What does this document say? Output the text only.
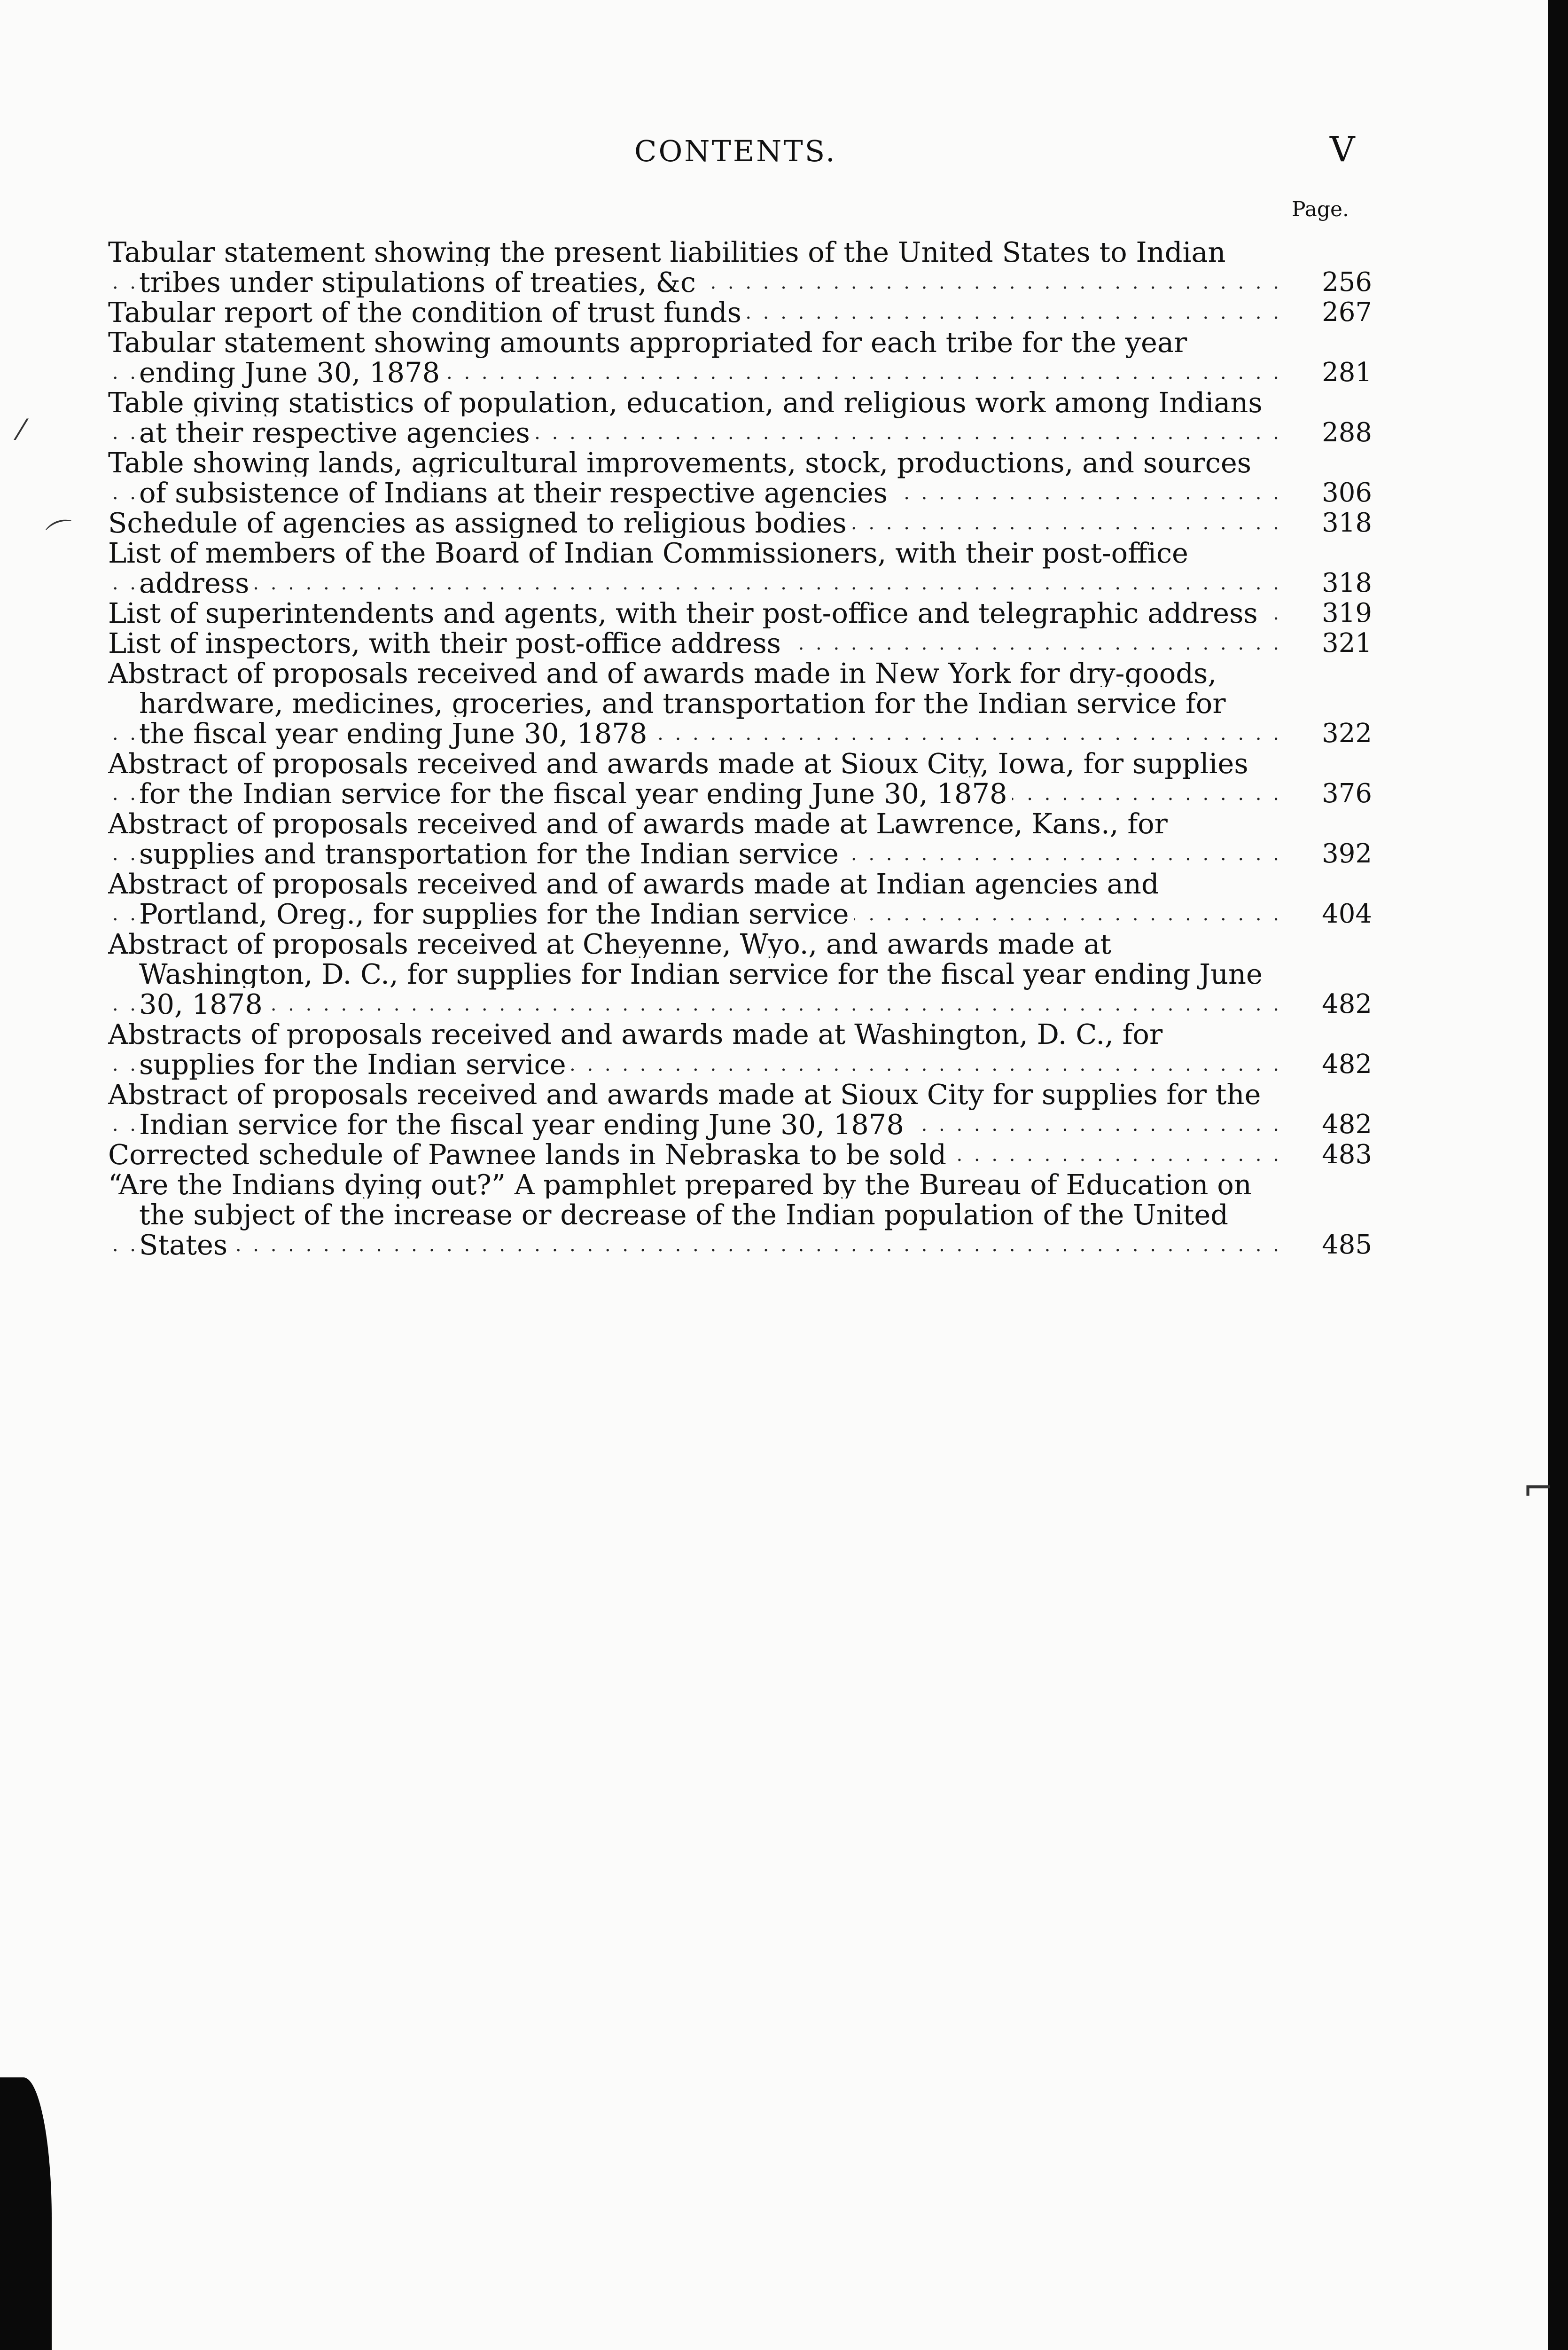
CONTENTS.	V
Page.
Tabular statement showing the present liabilities of the United States to Indian tribes under stipulations of treaties, &c . . .	256
Tabular report of the condition of trust funds . . .	267
Tabular statement showing amounts appropriated for each tribe for the year ending June 30, 1878 . . .	281
Table giving statistics of population, education, and religious work among Indians at their respective agencies . . .	288
Table showing lands, agricultural improvements, stock, productions, and sources of subsistence of Indians at their respective agencies . . .	306
Schedule of agencies as assigned to religious bodies . . .	318
List of members of the Board of Indian Commissioners, with their post-office address . . .	318
List of superintendents and agents, with their post-office and telegraphic address . . .	319
List of inspectors, with their post-office address . . .	321
Abstract of proposals received and of awards made in New York for dry-goods, hardware, medicines, groceries, and transportation for the Indian service for the fiscal year ending June 30, 1878 . . .	322
Abstract of proposals received and awards made at Sioux City, Iowa, for supplies for the Indian service for the fiscal year ending June 30, 1878 . . .	376
Abstract of proposals received and of awards made at Lawrence, Kans., for supplies and transportation for the Indian service . . .	392
Abstract of proposals received and of awards made at Indian agencies and Portland, Oreg., for supplies for the Indian service . . .	404
Abstract of proposals received at Cheyenne, Wyo., and awards made at Washington, D. C., for supplies for Indian service for the fiscal year ending June 30, 1878 . . .	482
Abstracts of proposals received and awards made at Washington, D. C., for supplies for the Indian service . . .	482
Abstract of proposals received and awards made at Sioux City for supplies for the Indian service for the fiscal year ending June 30, 1878 . . .	482
Corrected schedule of Pawnee lands in Nebraska to be sold . . .	483
“Are the Indians dying out?” A pamphlet prepared by the Bureau of Education on the subject of the increase or decrease of the Indian population of the United States . . .	485
⁄
⌒
⌐
